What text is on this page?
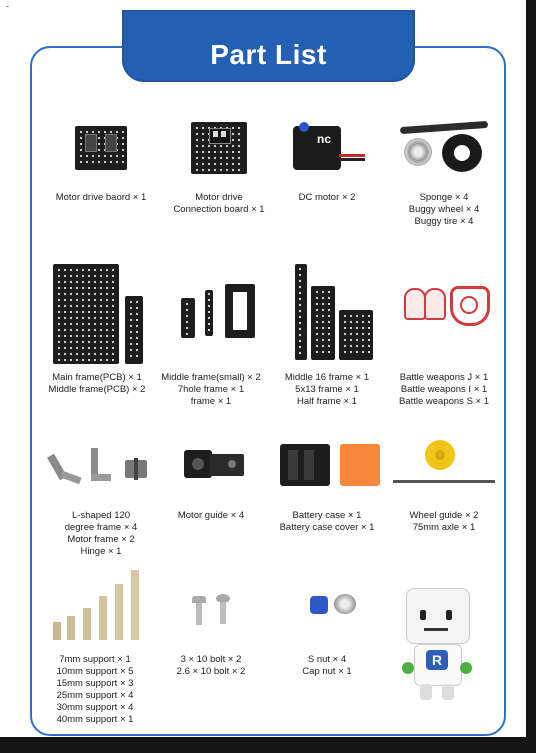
˜
Part List
Motor drive baord × 1	Motor drive
Connection board × 1
nc
DC motor × 2	Sponge × 4
Buggy wheel × 4
Buggy tire × 4
Main frame(PCB) × 1
Middle frame(PCB) × 2
Middle frame(small) × 2
7hole frame × 1
frame × 1
Middle 16 frame × 1
5x13 frame × 1
Half frame × 1
Battle weapons J × 1
Battle weapons I × 1
Battle weapons S × 1
L-shaped 120
degree frame × 4
Motor frame × 2
Hinge × 1
Motor guide × 4	Battery case × 1
Battery case cover × 1
Wheel guide × 2
75mm axle × 1
7mm support × 1
10mm support × 5
15mm support × 3
25mm support × 4
30mm support × 4
40mm support × 1
3 × 10 bolt × 2
2.6 × 10 bolt × 2
S nut × 4
Cap nut × 1
R
